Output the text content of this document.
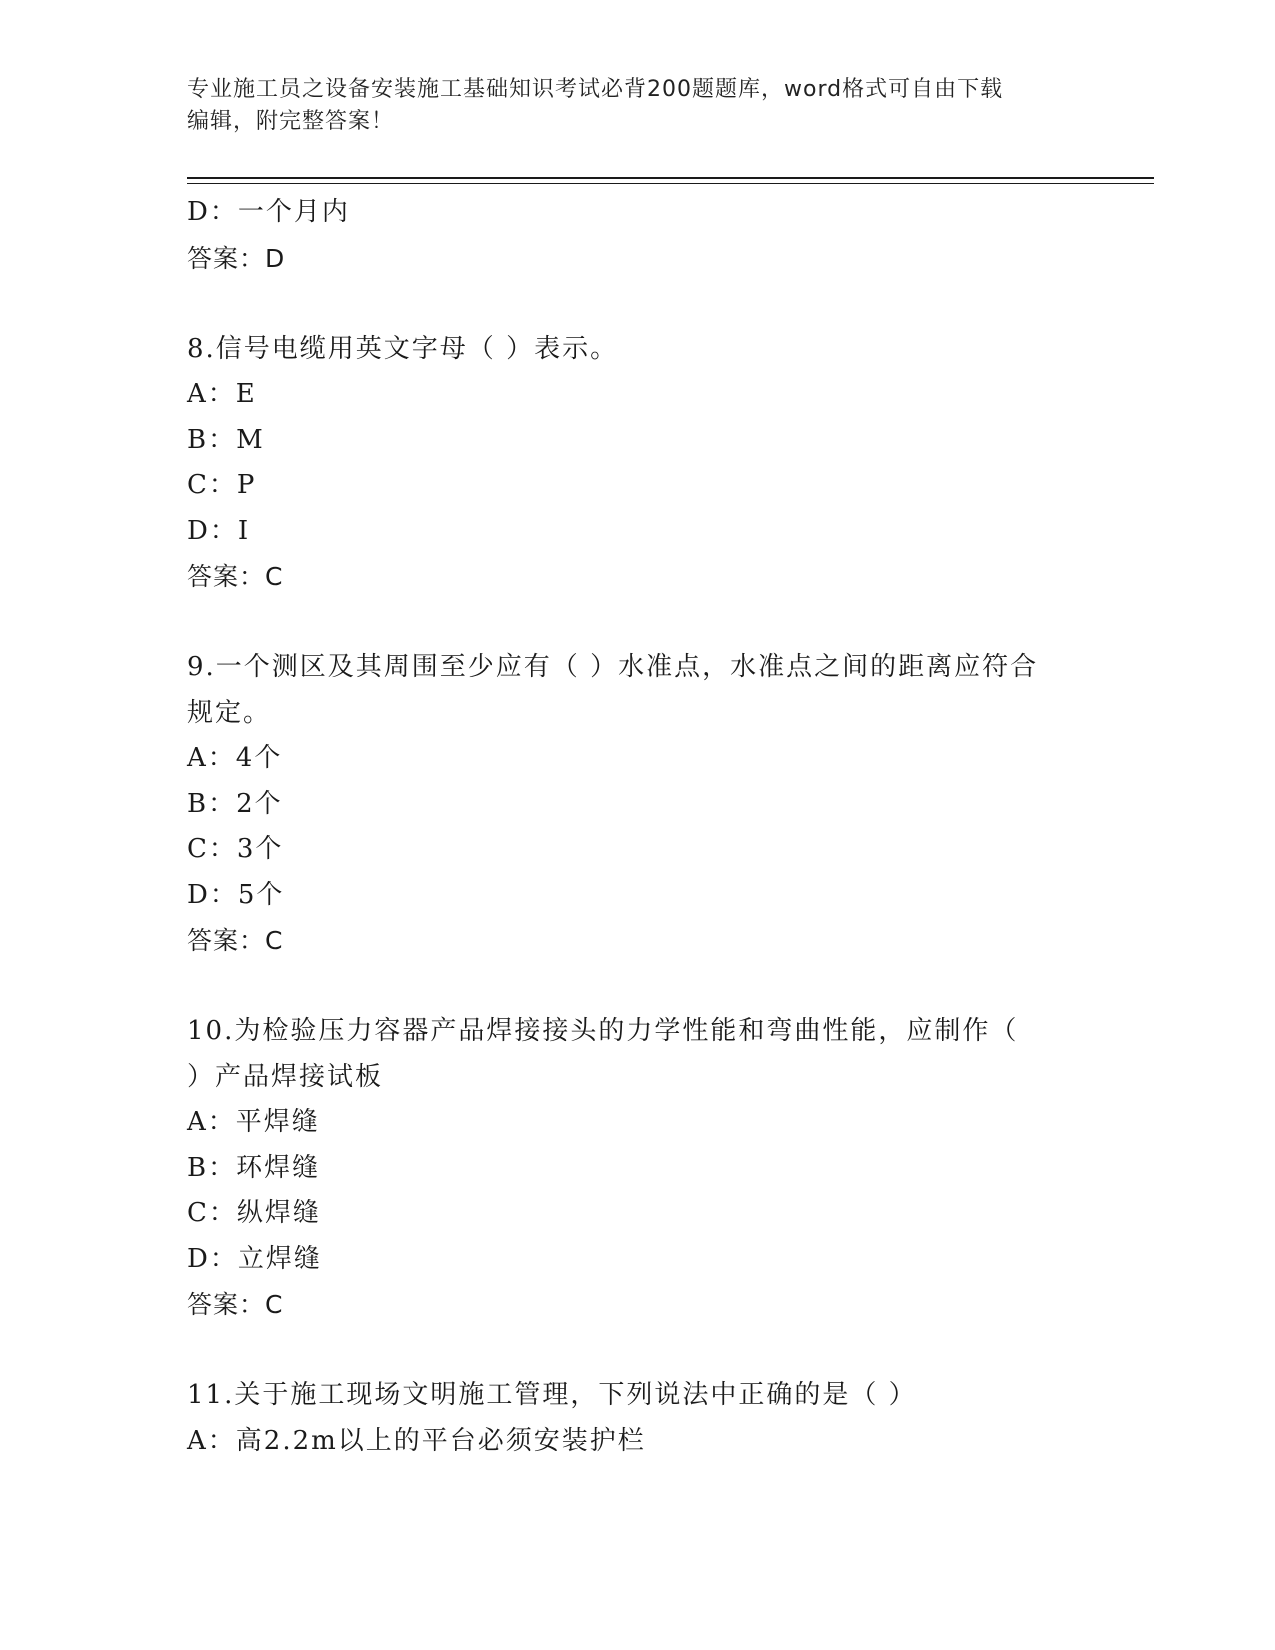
专业施工员之设备安装施工基础知识考试必背200题题库，word格式可自由下载
编辑，附完整答案！
D：一个月内
答案：D
8.信号电缆用英文字母（ ）表示。
A：E
B：M
C：P
D：I
答案：C
9.一个测区及其周围至少应有（ ）水准点，水准点之间的距离应符合
规定。
A：4个
B：2个
C：3个
D：5个
答案：C
10.为检验压力容器产品焊接接头的力学性能和弯曲性能，应制作（
）产品焊接试板
A：平焊缝
B：环焊缝
C：纵焊缝
D：立焊缝
答案：C
11.关于施工现场文明施工管理，下列说法中正确的是（ ）
A：高2.2m以上的平台必须安装护栏
